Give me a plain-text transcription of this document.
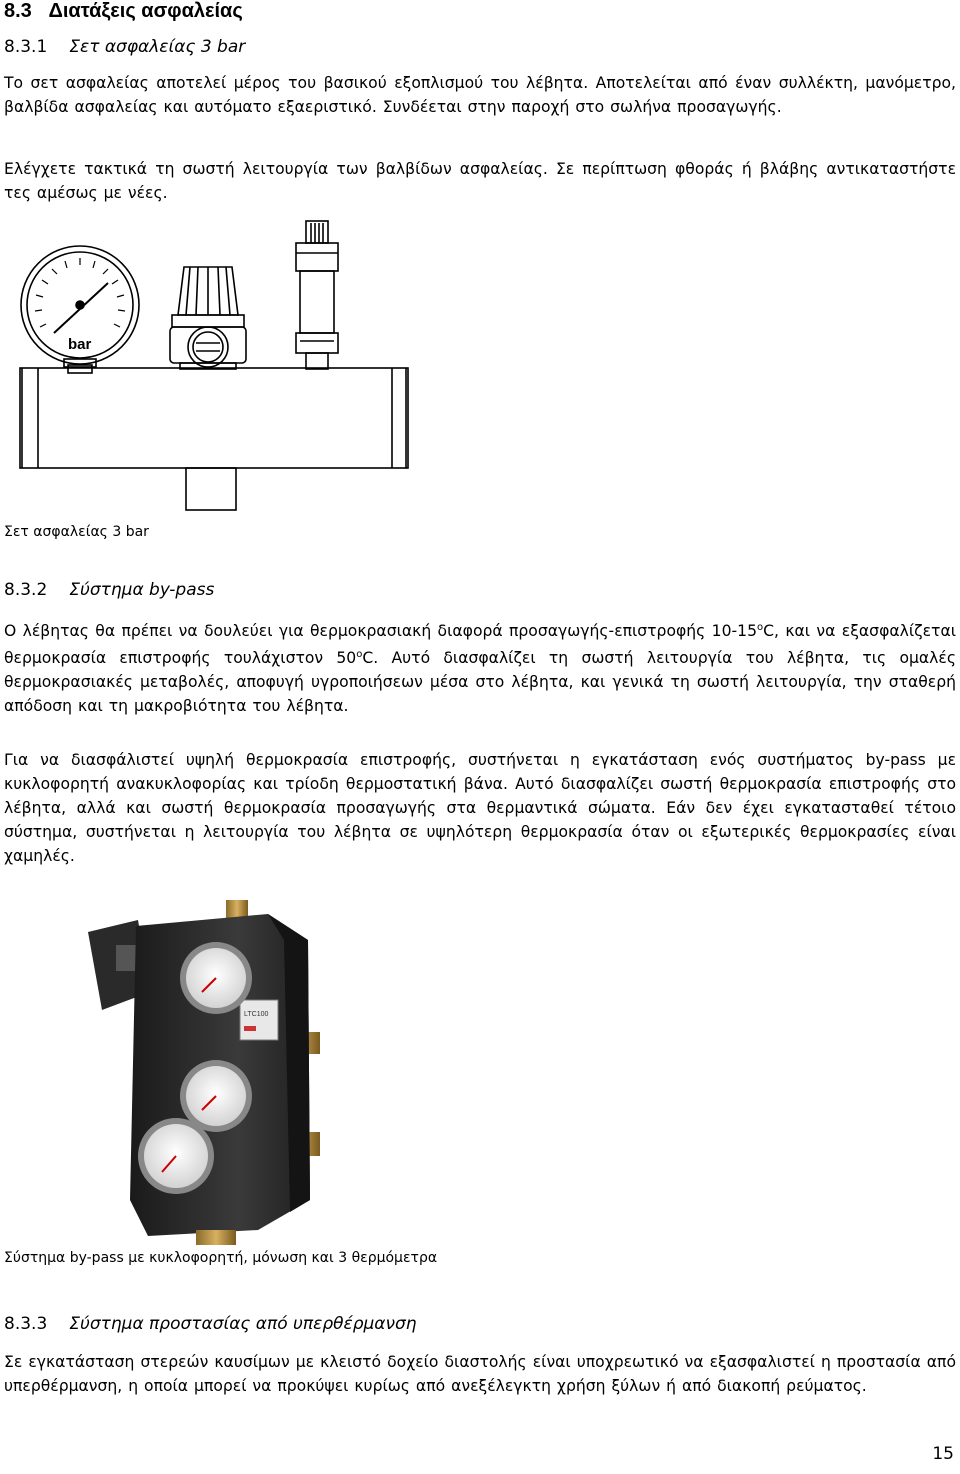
8.3 Διατάξεις ασφαλείας
8.3.1 Σετ ασφαλείας 3 bar

Το σετ ασφαλείας αποτελεί μέρος του βασικού εξοπλισμού του λέβητα. Αποτελείται από έναν συλλέκτη, μανόμετρο, βαλβίδα ασφαλείας και αυτόματο εξαεριστικό. Συνδέεται στην παροχή στο σωλήνα προσαγωγής.

Ελέγχετε τακτικά τη σωστή λειτουργία των βαλβίδων ασφαλείας. Σε περίπτωση φθοράς ή βλάβης αντικαταστήστε τες αμέσως με νέες.

bar

Σετ ασφαλείας 3 bar

8.3.2 Σύστημα by-pass

Ο λέβητας θα πρέπει να δουλεύει για θερμοκρασιακή διαφορά προσαγωγής-επιστροφής 10-15$^o$C, και να εξασφαλίζεται θερμοκρασία επιστροφής τουλάχιστον 50$^o$C. Αυτό διασφαλίζει τη σωστή λειτουργία του λέβητα, τις ομαλές θερμοκρασιακές μεταβολές, αποφυγή υγροποιήσεων μέσα στο λέβητα, και γενικά τη σωστή λειτουργία, την σταθερή απόδοση και τη μακροβιότητα του λέβητα.

Για να διασφάλιστεί υψηλή θερμοκρασία επιστροφής, συστήνεται η εγκατάσταση ενός συστήματος by-pass με κυκλοφορητή ανακυκλοφορίας και τρίοδη θερμοστατική βάνα. Αυτό διασφαλίζει σωστή θερμοκρασία επιστροφής στο λέβητα, αλλά και σωστή θερμοκρασία προσαγωγής στα θερμαντικά σώματα. Εάν δεν έχει εγκατασταθεί τέτοιο σύστημα, συστήνεται η λειτουργία του λέβητα σε υψηλότερη θερμοκρασία όταν οι εξωτερικές θερμοκρασίες είναι χαμηλές.

LTC100

Σύστημα by-pass με κυκλοφορητή, μόνωση και 3 θερμόμετρα

8.3.3 Σύστημα προστασίας από υπερθέρμανση

Σε εγκατάσταση στερεών καυσίμων με κλειστό δοχείο διαστολής είναι υποχρεωτικό να εξασφαλιστεί η προστασία από υπερθέρμανση, η οποία μπορεί να προκύψει κυρίως από ανεξέλεγκτη χρήση ξύλων ή από διακοπή ρεύματος.

15
